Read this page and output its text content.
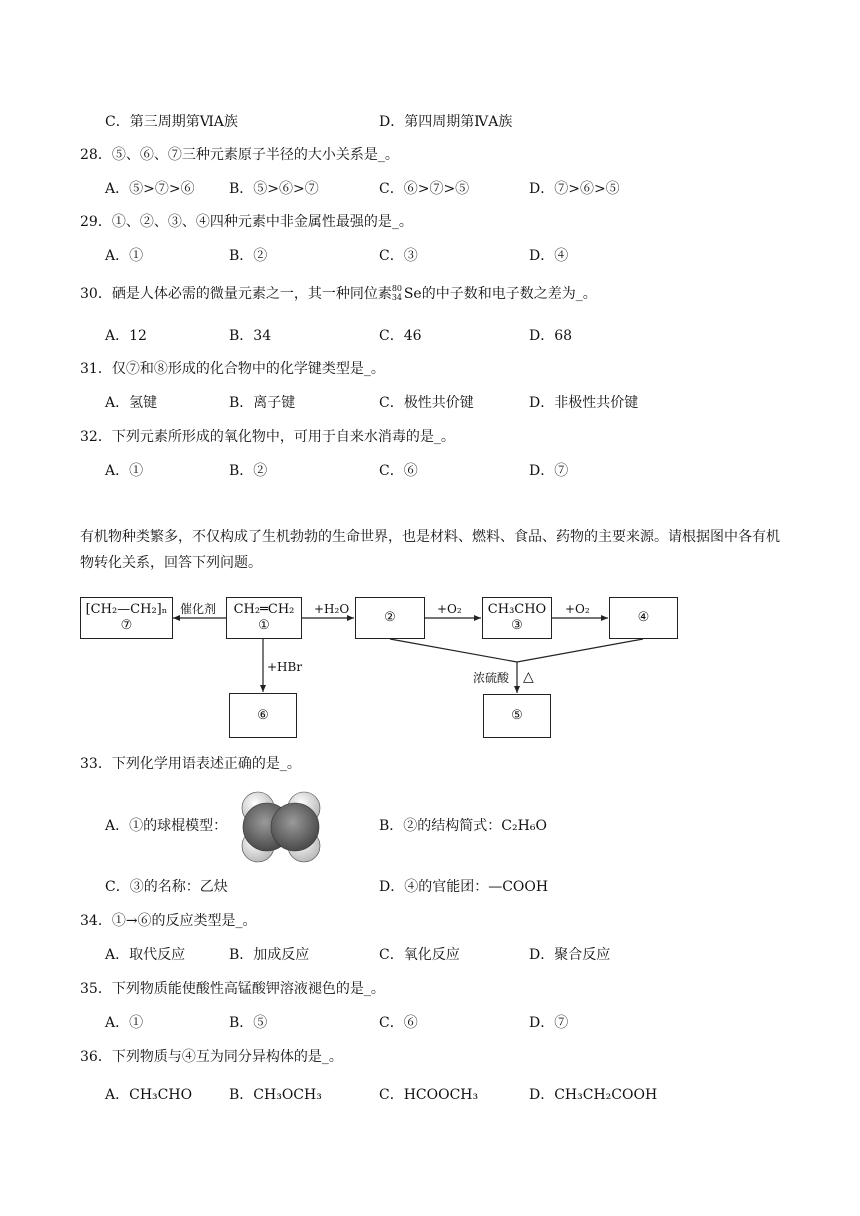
C．第三周期第ⅥA族	D．第四周期第ⅣA族
28．⑤、⑥、⑦三种元素原子半径的大小关系是_。
A．⑤>⑦>⑥ B．⑤>⑥>⑦	C．⑥>⑦>⑤	D．⑦>⑥>⑤
29．①、②、③、④四种元素中非金属性最强的是_。
A．①	B．②	C．③	D．④
30．硒是人体必需的微量元素之一，其一种同位素 80
34 Se的中子数和电子数之差为_。
A．12	B．34	C．46	D．68
31．仅⑦和⑧形成的化合物中的化学键类型是_。
A．氢键	B．离子键	C．极性共价键	D．非极性共价键
32．下列元素所形成的氧化物中，可用于自来水消毒的是_。
A．①	B．②	C．⑥	D．⑦
有机物种类繁多，不仅构成了生机勃勃的生命世界，也是材料、燃料、食品、药物的主要来源。请根据图中各有机物转化关系，回答下列问题。
[CH₂—CH₂]ₙ
⑦
CH₂═CH₂
①
②
CH₃CHO
③
④
⑥	⑤
催化剂	+H₂O	+O₂	+O₂
+HBr
浓硫酸 △
33．下列化学用语表述正确的是_。
A．①的球棍模型：	B．②的结构简式：C₂H₆O
C．③的名称：乙炔	D．④的官能团：—COOH
34．①→⑥的反应类型是_。
A．取代反应	B．加成反应	C．氧化反应	D．聚合反应
35．下列物质能使酸性高锰酸钾溶液褪色的是_。
A．①	B．⑤	C．⑥	D．⑦
36．下列物质与④互为同分异构体的是_。
A．CH₃CHO	B．CH₃OCH₃	C．HCOOCH₃	D．CH₃CH₂COOH
